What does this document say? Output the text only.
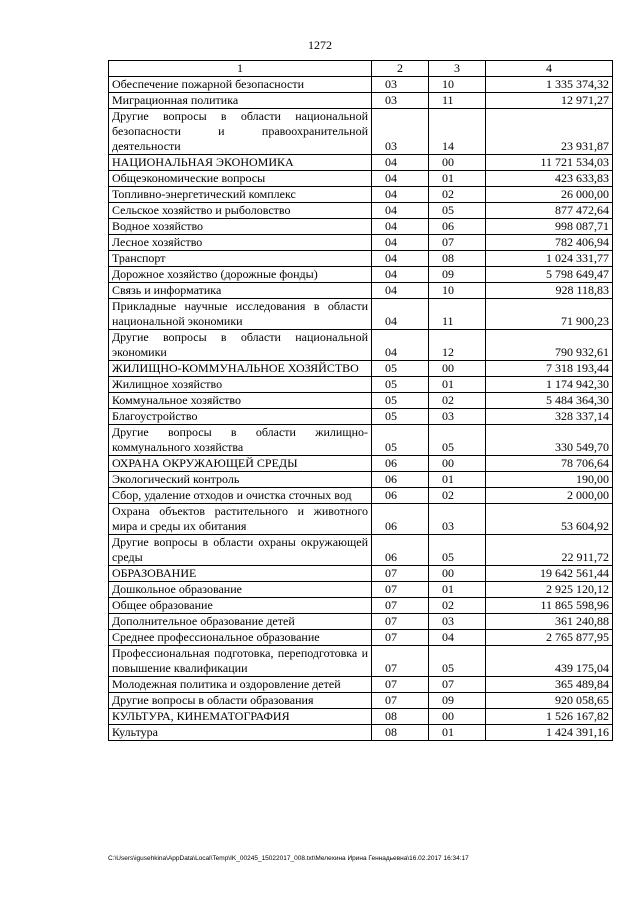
1272
1	2	3	4
Обеспечение пожарной безопасности	03	10	1 335 374,32
Миграционная политика	03	11	12 971,27
Другие вопросы в области национальной безопасности и правоохранительной деятельности	03	14	23 931,87
НАЦИОНАЛЬНАЯ ЭКОНОМИКА	04	00	11 721 534,03
Общеэкономические вопросы	04	01	423 633,83
Топливно-энергетический комплекс	04	02	26 000,00
Сельское хозяйство и рыболовство	04	05	877 472,64
Водное хозяйство	04	06	998 087,71
Лесное хозяйство	04	07	782 406,94
Транспорт	04	08	1 024 331,77
Дорожное хозяйство (дорожные фонды)	04	09	5 798 649,47
Связь и информатика	04	10	928 118,83
Прикладные научные исследования в области национальной экономики	04	11	71 900,23
Другие вопросы в области национальной экономики	04	12	790 932,61
ЖИЛИЩНО-КОММУНАЛЬНОЕ ХОЗЯЙСТВО	05	00	7 318 193,44
Жилищное хозяйство	05	01	1 174 942,30
Коммунальное хозяйство	05	02	5 484 364,30
Благоустройство	05	03	328 337,14
Другие вопросы в области жилищно-коммунального хозяйства	05	05	330 549,70
ОХРАНА ОКРУЖАЮЩЕЙ СРЕДЫ	06	00	78 706,64
Экологический контроль	06	01	190,00
Сбор, удаление отходов и очистка сточных вод	06	02	2 000,00
Охрана объектов растительного и животного мира и среды их обитания	06	03	53 604,92
Другие вопросы в области охраны окружающей среды	06	05	22 911,72
ОБРАЗОВАНИЕ	07	00	19 642 561,44
Дошкольное образование	07	01	2 925 120,12
Общее образование	07	02	11 865 598,96
Дополнительное образование детей	07	03	361 240,88
Среднее профессиональное образование	07	04	2 765 877,95
Профессиональная подготовка, переподготовка и повышение квалификации	07	05	439 175,04
Молодежная политика и оздоровление детей	07	07	365 489,84
Другие вопросы в области образования	07	09	920 058,65
КУЛЬТУРА, КИНЕМАТОГРАФИЯ	08	00	1 526 167,82
Культура	08	01	1 424 391,16
C:\Users\igusehkina\AppData\Local\Temp\IK_00245_15022017_008.txt\Мелехина Ирина Геннадьевна\16.02.2017 16:34:17
